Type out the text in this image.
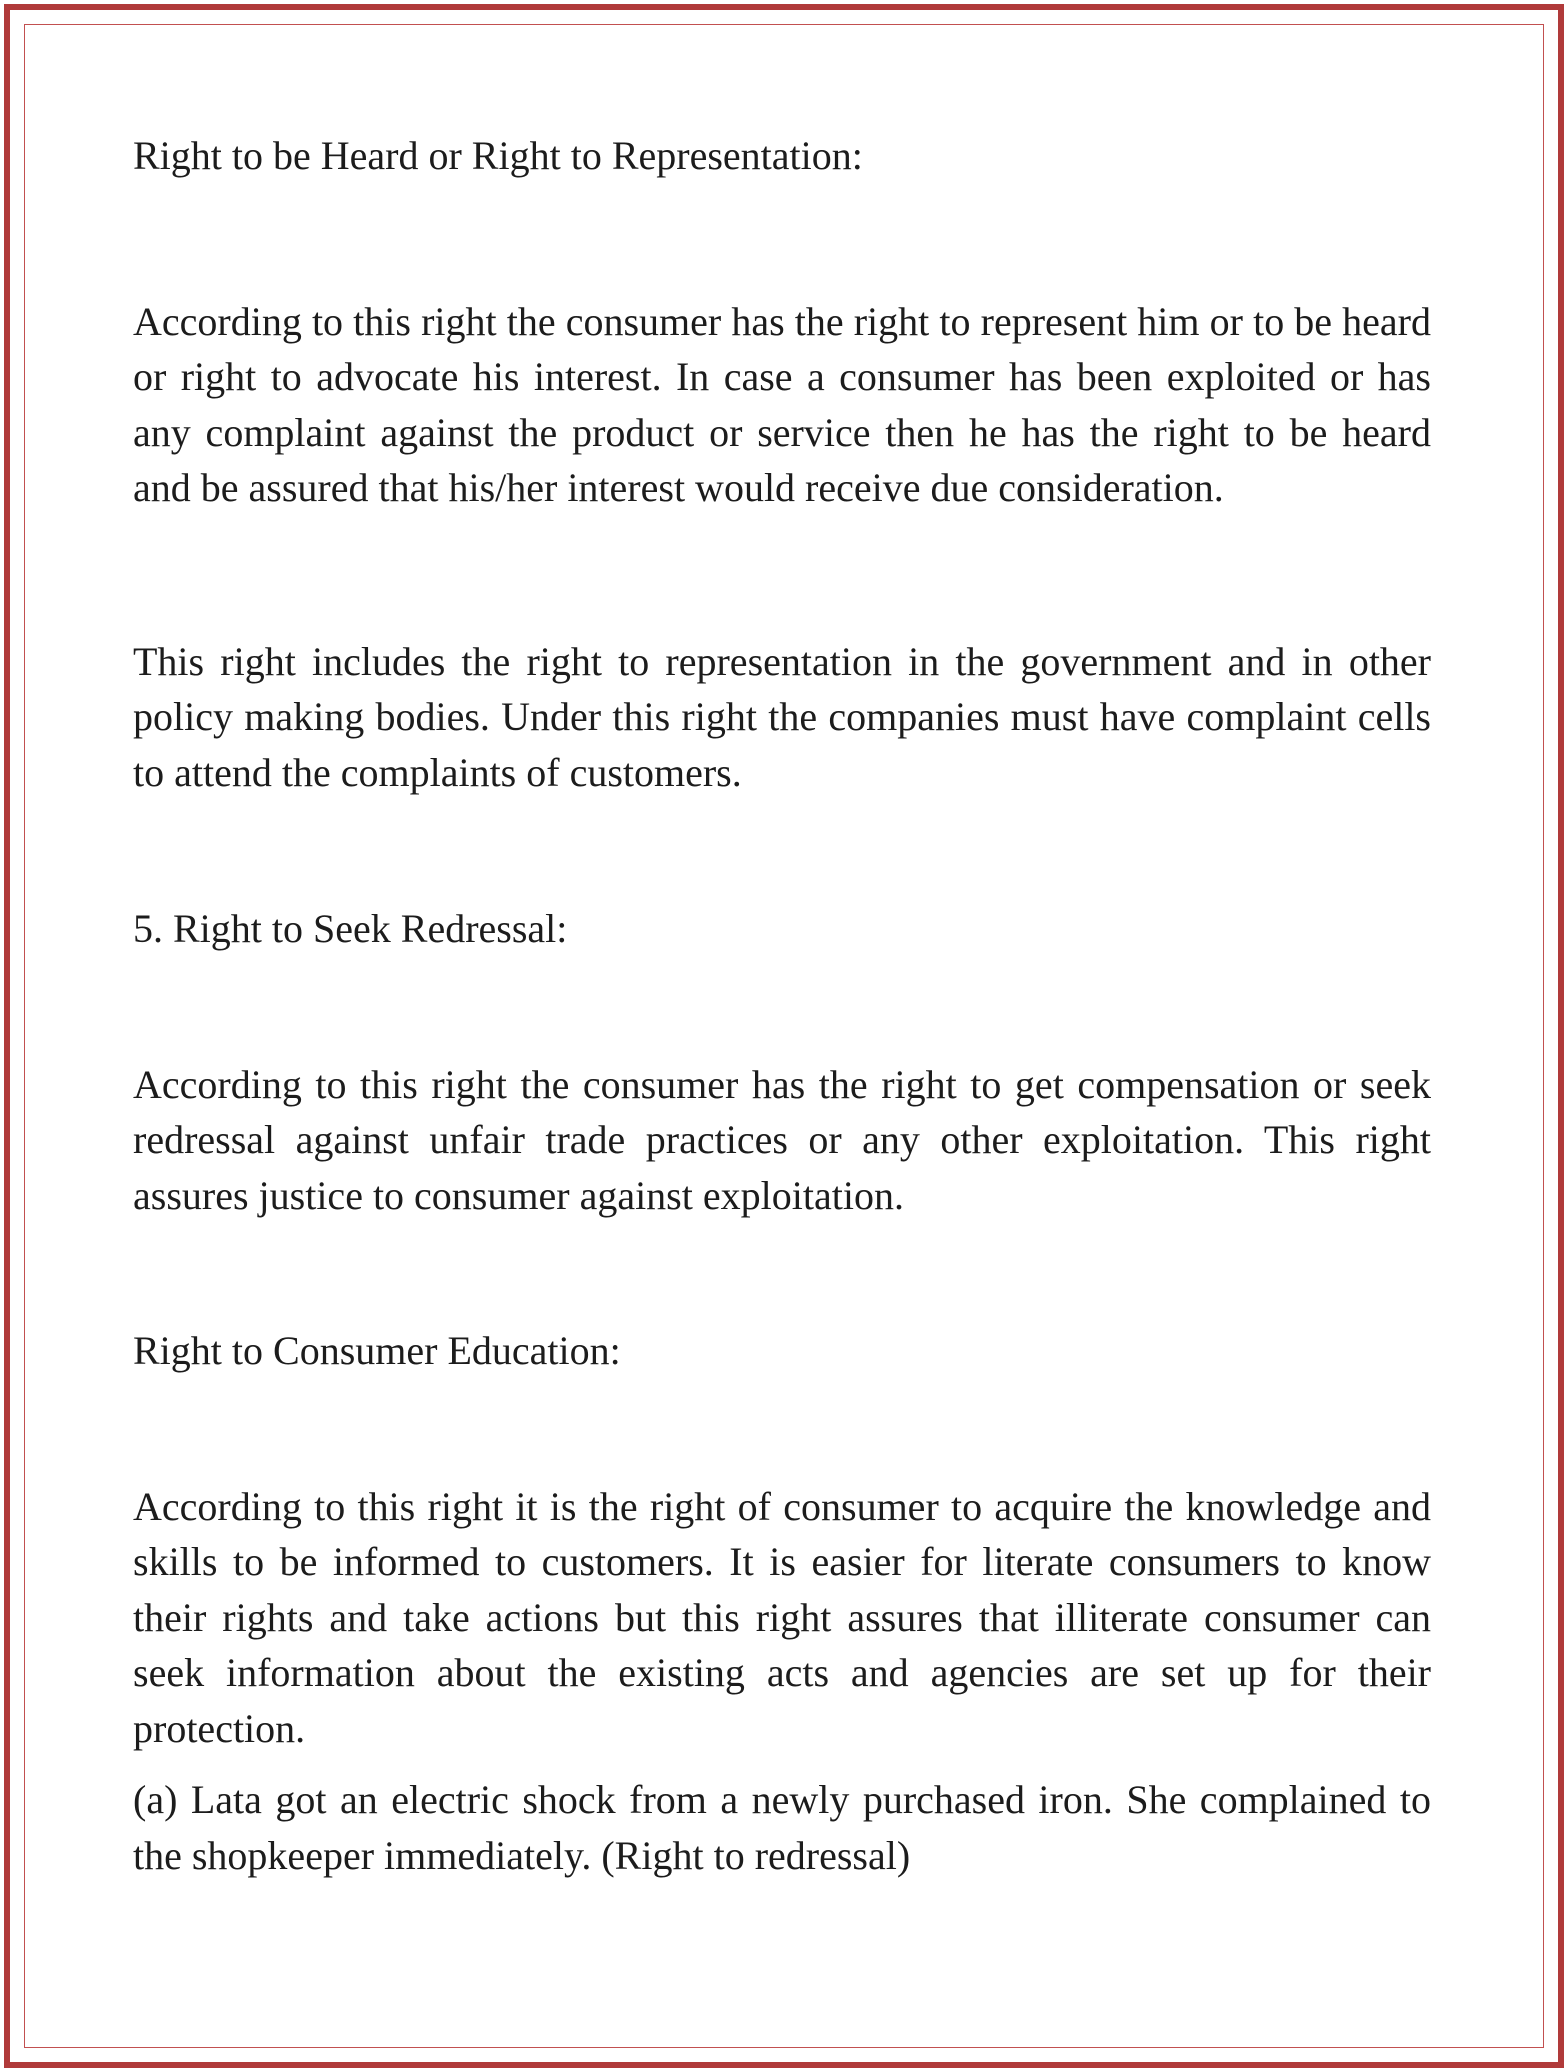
Right to be Heard or Right to Representation:

According to this right the consumer has the right to represent him or to be heard or right to advocate his interest. In case a consumer has been exploited or has any complaint against the product or service then he has the right to be heard and be assured that his/her interest would receive due consideration.

This right includes the right to representation in the government and in other policy making bodies. Under this right the companies must have complaint cells to attend the complaints of customers.

5. Right to Seek Redressal:

According to this right the consumer has the right to get compensation or seek redressal against unfair trade practices or any other exploitation. This right assures justice to consumer against exploitation.

Right to Consumer Education:

According to this right it is the right of consumer to acquire the knowledge and skills to be informed to customers. It is easier for literate consumers to know their rights and take actions but this right assures that illiterate consumer can seek information about the existing acts and agencies are set up for their protection.

(a) Lata got an electric shock from a newly purchased iron. She complained to the shopkeeper immediately. (Right to redressal)
